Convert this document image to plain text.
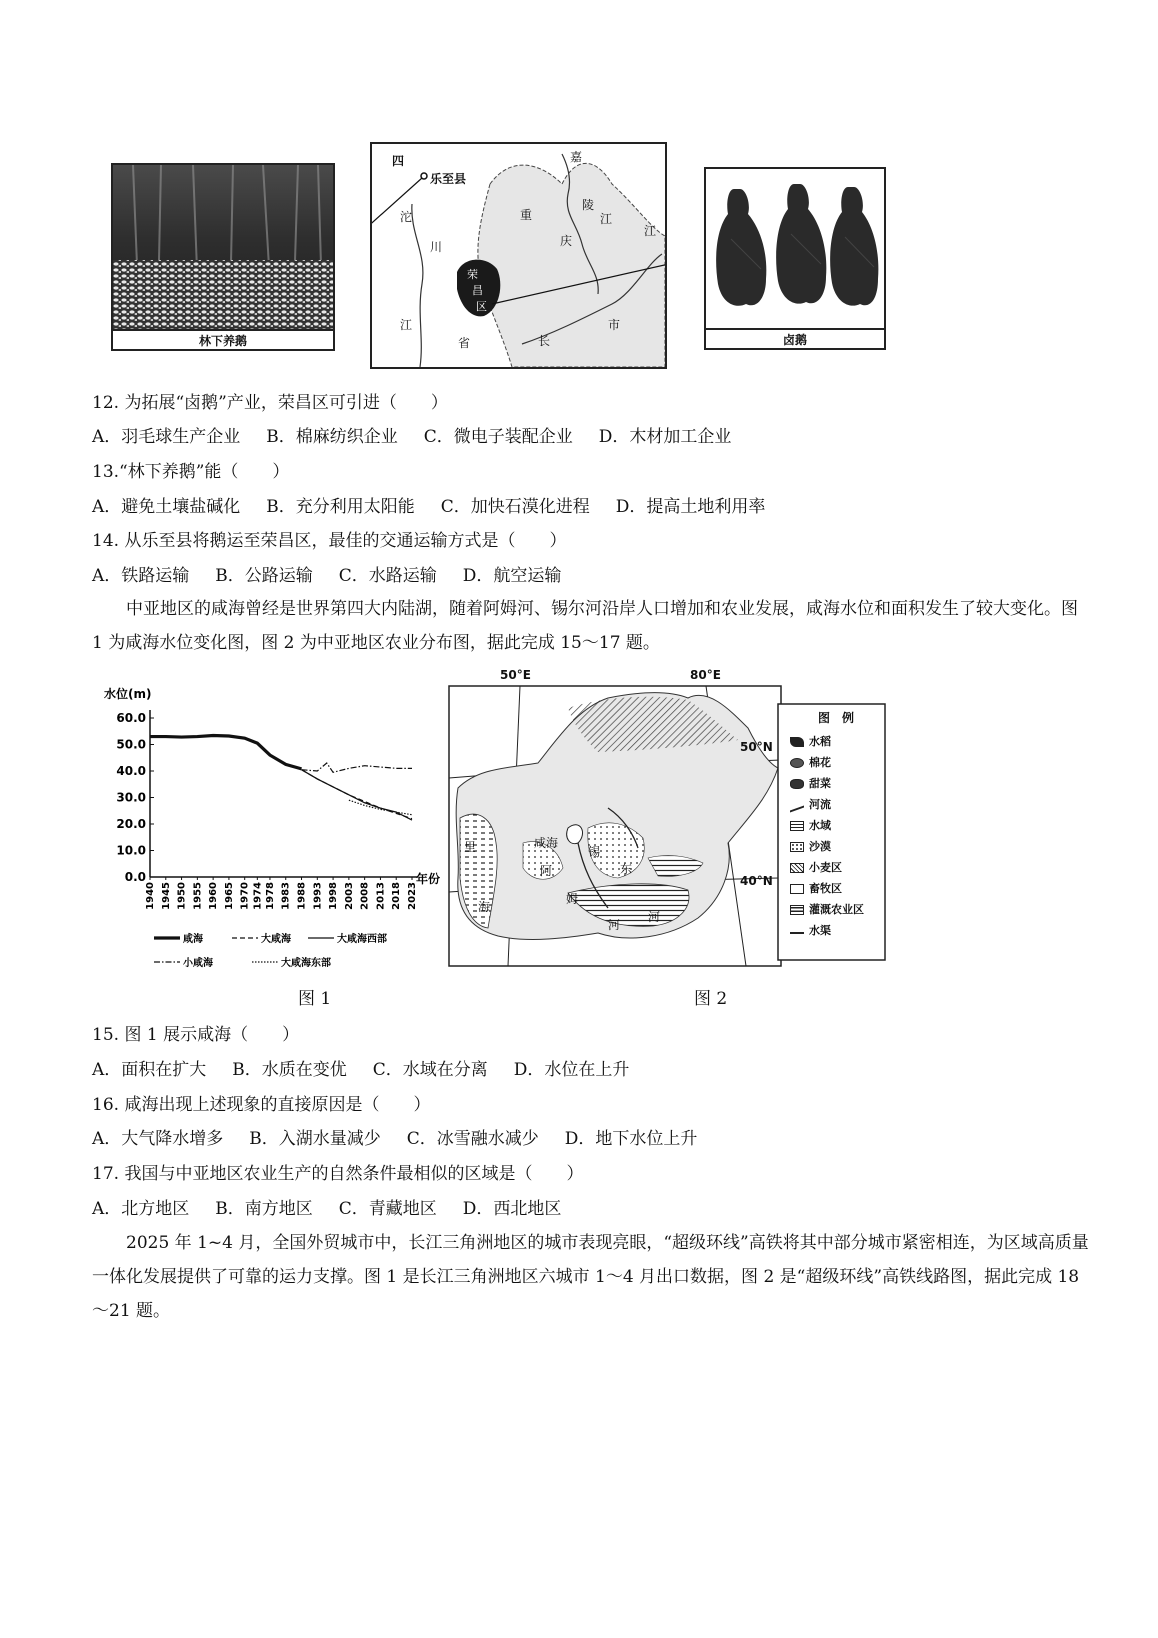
林下养鹅
四
乐至县
沱
川
江
省
重
庆
市
荣
昌
区
嘉
陵
江
江
长	卤鹅
12. 为拓展“卤鹅”产业，荣昌区可引进（　　）
A．羽毛球生产企业 B．棉麻纺织企业 C．微电子装配企业 D．木材加工企业
13.“林下养鹅”能（　　）
A．避免土壤盐碱化 B．充分利用太阳能 C．加快石漠化进程 D．提高土地利用率
14. 从乐至县将鹅运至荣昌区，最佳的交通运输方式是（　　）
A．铁路运输 B．公路运输 C．水路运输 D．航空运输
　　中亚地区的咸海曾经是世界第四大内陆湖，随着阿姆河、锡尔河沿岸人口增加和农业发展，咸海水位和面积发生了较大变化。图 1 为咸海水位变化图，图 2 为中亚地区农业分布图，据此完成 15～17 题。
水位(m)
年份
60.0
50.0
40.0
30.0
20.0
10.0
0.0
1940 1945 1950 1955 1960 1965 1970 1974 1978 1983 1988 1993 1998 2003 2008 2013 2018 2023
咸海	大咸海	大咸海西部
小咸海	大咸海东部
图 1
50°E	80°E
50°N
40°N
咸海
锡
阿
姆
里
海
东
河
河
图　例
水稻
棉花
甜菜
河流
水域
沙漠
小麦区
畜牧区
灌溉农业区
水渠
图 2
15. 图 1 展示咸海（　　）
A．面积在扩大 B．水质在变优 C．水域在分离 D．水位在上升
16. 咸海出现上述现象的直接原因是（　　）
A．大气降水增多 B．入湖水量减少 C．冰雪融水减少 D．地下水位上升
17. 我国与中亚地区农业生产的自然条件最相似的区域是（　　）
A．北方地区 B．南方地区 C．青藏地区 D．西北地区
　　2025 年 1~4 月，全国外贸城市中，长江三角洲地区的城市表现亮眼，“超级环线”高铁将其中部分城市紧密相连，为区域高质量一体化发展提供了可靠的运力支撑。图 1 是长江三角洲地区六城市 1～4 月出口数据，图 2 是“超级环线”高铁线路图，据此完成 18～21 题。
